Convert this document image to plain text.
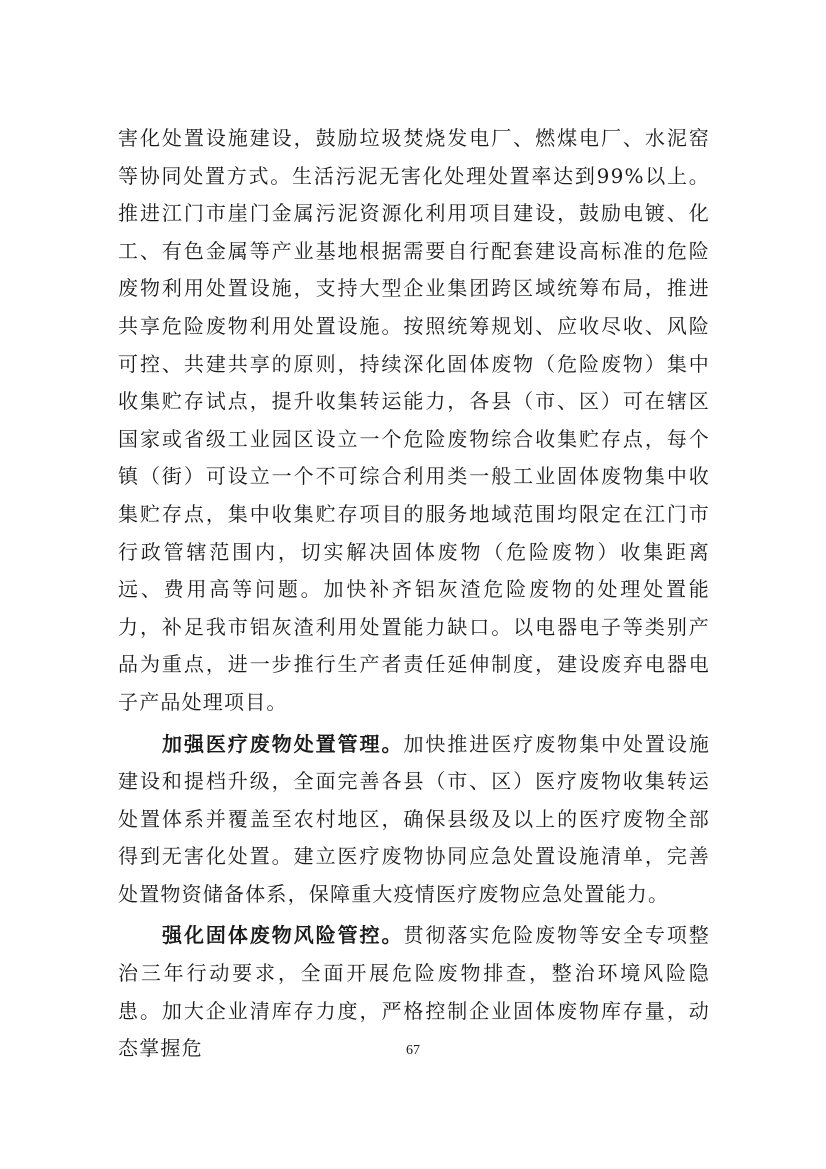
害化处置设施建设，鼓励垃圾焚烧发电厂、燃煤电厂、水泥窑等协同处置方式。生活污泥无害化处理处置率达到99%以上。推进江门市崖门金属污泥资源化利用项目建设，鼓励电镀、化工、有色金属等产业基地根据需要自行配套建设高标准的危险废物利用处置设施，支持大型企业集团跨区域统筹布局，推进共享危险废物利用处置设施。按照统筹规划、应收尽收、风险可控、共建共享的原则，持续深化固体废物（危险废物）集中收集贮存试点，提升收集转运能力，各县（市、区）可在辖区国家或省级工业园区设立一个危险废物综合收集贮存点，每个镇（街）可设立一个不可综合利用类一般工业固体废物集中收集贮存点，集中收集贮存项目的服务地域范围均限定在江门市行政管辖范围内，切实解决固体废物（危险废物）收集距离远、费用高等问题。加快补齐铝灰渣危险废物的处理处置能力，补足我市铝灰渣利用处置能力缺口。以电器电子等类别产品为重点，进一步推行生产者责任延伸制度，建设废弃电器电子产品处理项目。

加强医疗废物处置管理。加快推进医疗废物集中处置设施建设和提档升级，全面完善各县（市、区）医疗废物收集转运处置体系并覆盖至农村地区，确保县级及以上的医疗废物全部得到无害化处置。建立医疗废物协同应急处置设施清单，完善处置物资储备体系，保障重大疫情医疗废物应急处置能力。

强化固体废物风险管控。贯彻落实危险废物等安全专项整治三年行动要求，全面开展危险废物排查，整治环境风险隐患。加大企业清库存力度，严格控制企业固体废物库存量，动态掌握危	67
